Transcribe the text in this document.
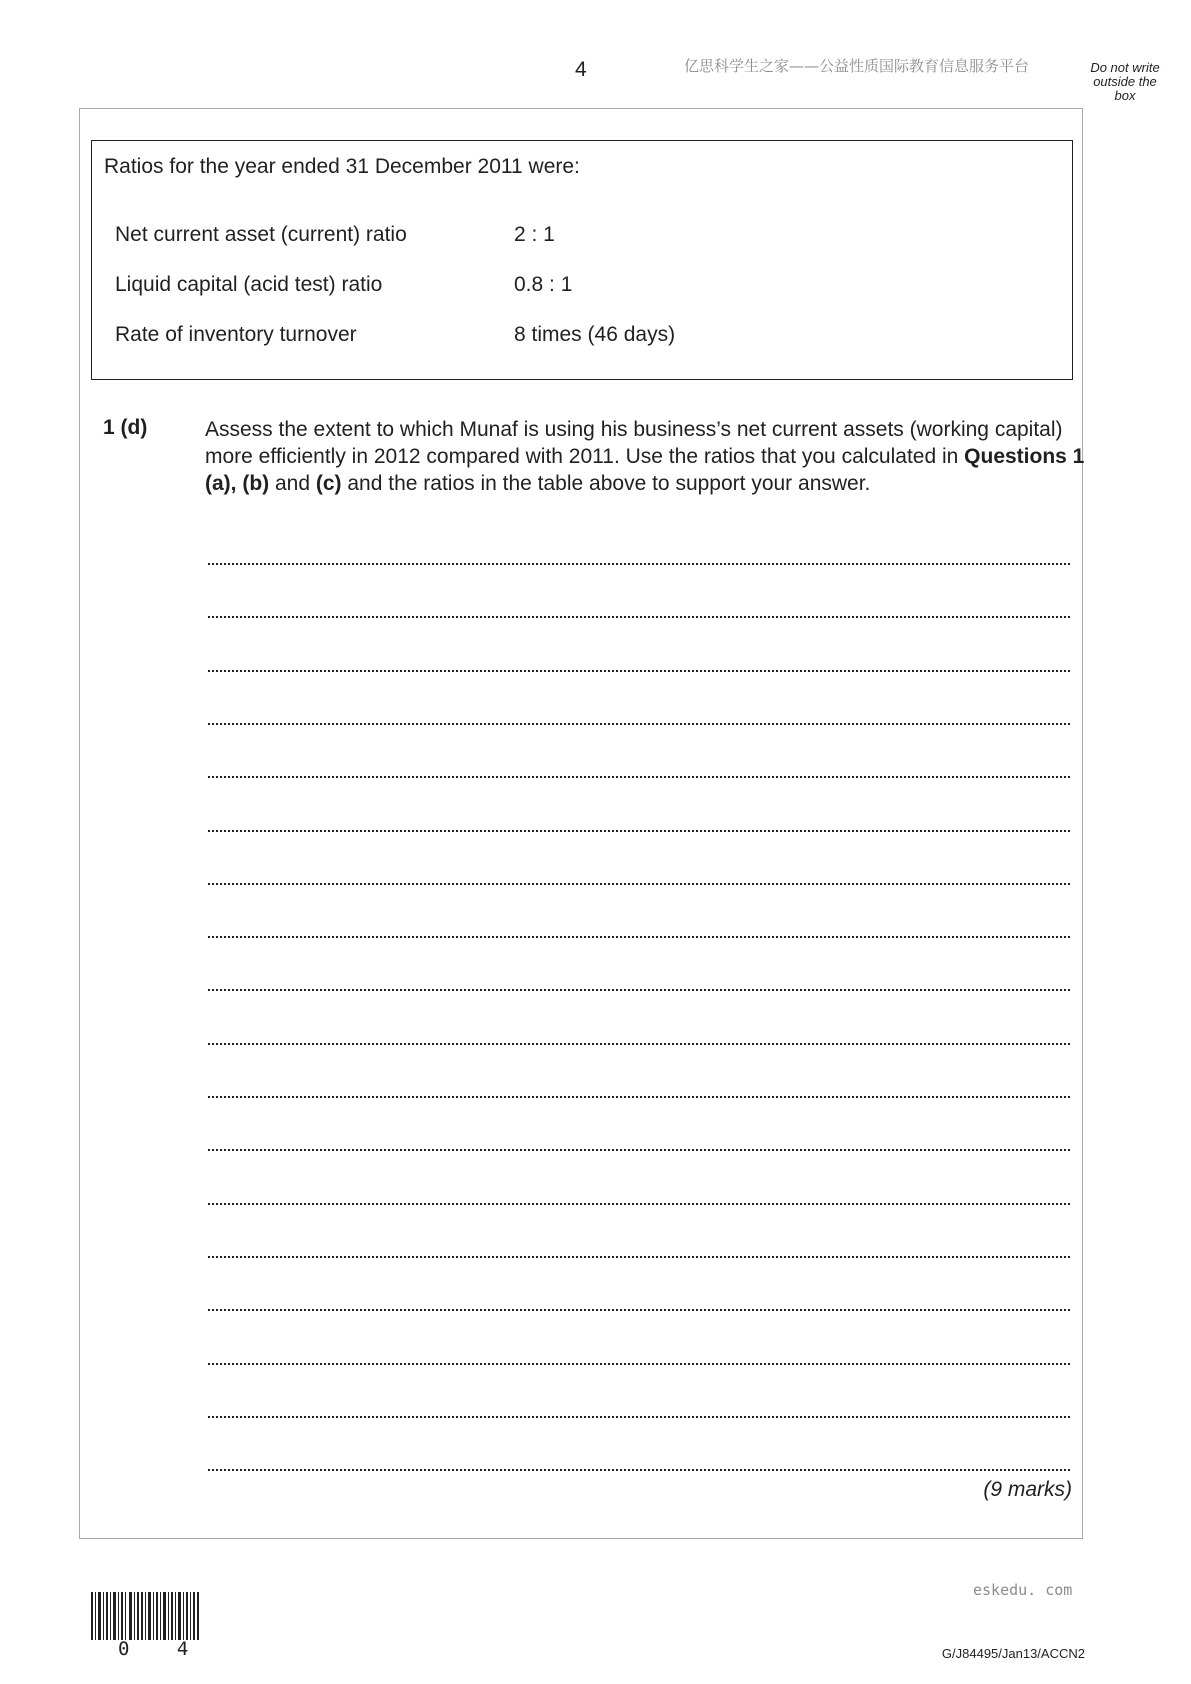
4	亿思科学生之家——公益性质国际教育信息服务平台	Do not write
outside the
box
Ratios for the year ended 31 December 2011 were:
Net current asset (current) ratio	2 : 1
Liquid capital (acid test) ratio	0.8 : 1
Rate of inventory turnover	8 times (46 days)
1 (d)	Assess the extent to which Munaf is using his business’s net current assets (working capital) more efficiently in 2012 compared with 2011. Use the ratios that you calculated in Questions 1 (a), (b) and (c) and the ratios in the table above to support your answer.
(9 marks)
0 4
eskedu. com
G/J84495/Jan13/ACCN2
